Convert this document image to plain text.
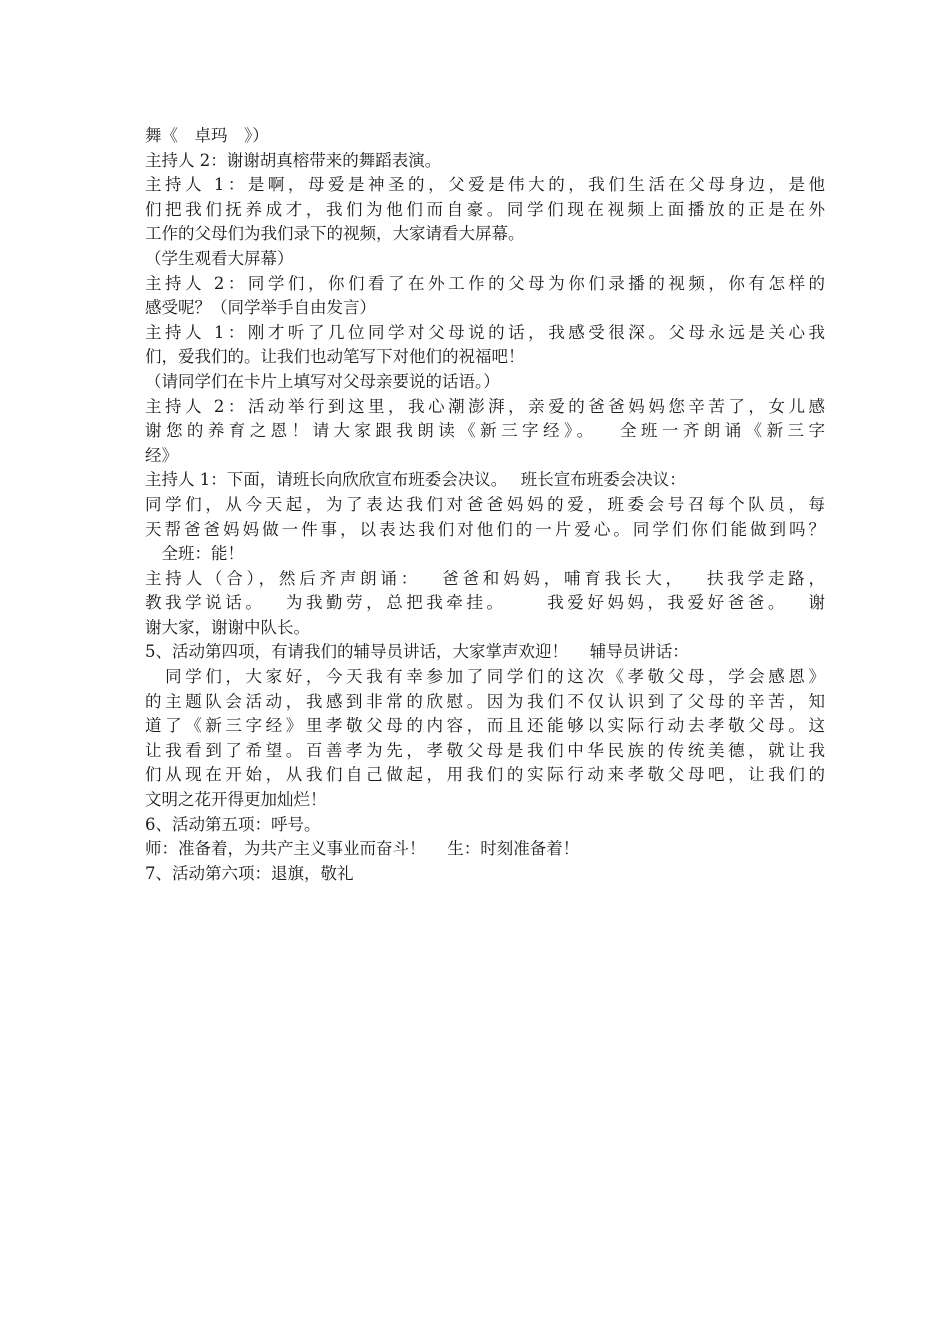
舞《　卓玛　》）
主持人 2：谢谢胡真榕带来的舞蹈表演。
主持人 1：是啊，母爱是神圣的，父爱是伟大的，我们生活在父母身边，是他
们把我们抚养成才，我们为他们而自豪。同学们现在视频上面播放的正是在外
工作的父母们为我们录下的视频，大家请看大屏幕。
（学生观看大屏幕）
主持人 2：同学们，你们看了在外工作的父母为你们录播的视频，你有怎样的
感受呢？（同学举手自由发言）
主持人 1：刚才听了几位同学对父母说的话，我感受很深。父母永远是关心我
们，爱我们的。让我们也动笔写下对他们的祝福吧！
（请同学们在卡片上填写对父母亲要说的话语。）
主持人 2：活动举行到这里，我心潮澎湃，亲爱的爸爸妈妈您辛苦了，女儿感
谢您的养育之恩！请大家跟我朗读《新三字经》。　 全班一齐朗诵《新三字
经》
主持人 1：下面，请班长向欣欣宣布班委会决议。　 班长宣布班委会决议：
同学们，从今天起，为了表达我们对爸爸妈妈的爱，班委会号召每个队员，每
天帮爸爸妈妈做一件事，以表达我们对他们的一片爱心。同学们你们能做到吗？
　全班：能！
主持人（合），然后齐声朗诵：　 爸爸和妈妈，哺育我长大，　 扶我学走路，
教我学说话。　 为我勤劳，总把我牵挂。　　 我爱好妈妈，我爱好爸爸。　 谢
谢大家，谢谢中队长。
5、活动第四项，有请我们的辅导员讲话，大家掌声欢迎！　 辅导员讲话：
　同学们，大家好，今天我有幸参加了同学们的这次《孝敬父母，学会感恩》
的主题队会活动，我感到非常的欣慰。因为我们不仅认识到了父母的辛苦，知
道了《新三字经》里孝敬父母的内容，而且还能够以实际行动去孝敬父母。这
让我看到了希望。百善孝为先，孝敬父母是我们中华民族的传统美德，就让我
们从现在开始，从我们自己做起，用我们的实际行动来孝敬父母吧，让我们的
文明之花开得更加灿烂！
6、活动第五项：呼号。
师：准备着，为共产主义事业而奋斗！　 生：时刻准备着！
7、活动第六项：退旗，敬礼
